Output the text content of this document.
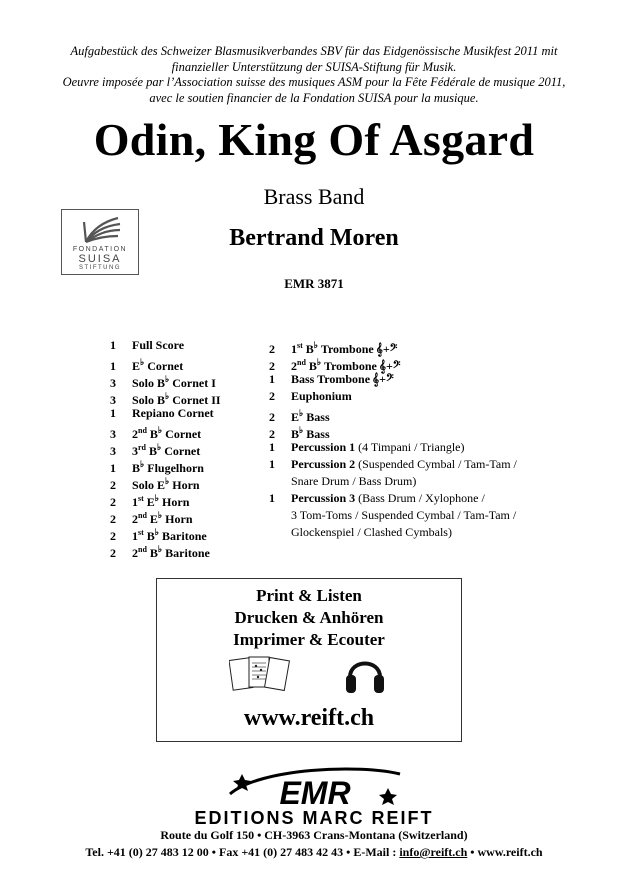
Aufgabestück des Schweizer Blasmusikverbandes SBV für das Eidgenössische Musikfest 2011 mit
finanzieller Unterstützung der SUISA-Stiftung für Musik.
Oeuvre imposée par l’Association suisse des musiques ASM pour la Fête Fédérale de musique 2011,
avec le soutien financier de la Fondation SUISA pour la musique.
Odin, King Of Asgard
Brass Band
FONDATION
SUISA
STIFTUNG
Bertrand Moren
EMR 3871
1 Full Score
1 E♭ Cornet
3 Solo B♭ Cornet I
3 Solo B♭ Cornet II
1 Repiano Cornet
3 2nd B♭ Cornet
3 3rd B♭ Cornet
1 B♭ Flugelhorn
2 Solo E♭ Horn
2 1st E♭ Horn
2 2nd E♭ Horn
2 1st B♭ Baritone
2 2nd B♭ Baritone
2 1st B♭ Trombone 𝄞+𝄢
2 2nd B♭ Trombone 𝄞+𝄢
1 Bass Trombone 𝄞+𝄢
2 Euphonium
2 E♭ Bass
2 B♭ Bass
1 Percussion 1 (4 Timpani / Triangle)
1 Percussion 2 (Suspended Cymbal / Tam-Tam /
Snare Drum / Bass Drum)
1 Percussion 3 (Bass Drum / Xylophone /
3 Tom-Toms / Suspended Cymbal / Tam-Tam /
Glockenspiel / Clashed Cymbals)
Print & Listen
Drucken & Anhören
Imprimer & Ecouter
www.reift.ch
EMR
EDITIONS MARC REIFT
Route du Golf 150 • CH-3963 Crans-Montana (Switzerland)
Tel. +41 (0) 27 483 12 00 • Fax +41 (0) 27 483 42 43 • E-Mail : info@reift.ch • www.reift.ch
